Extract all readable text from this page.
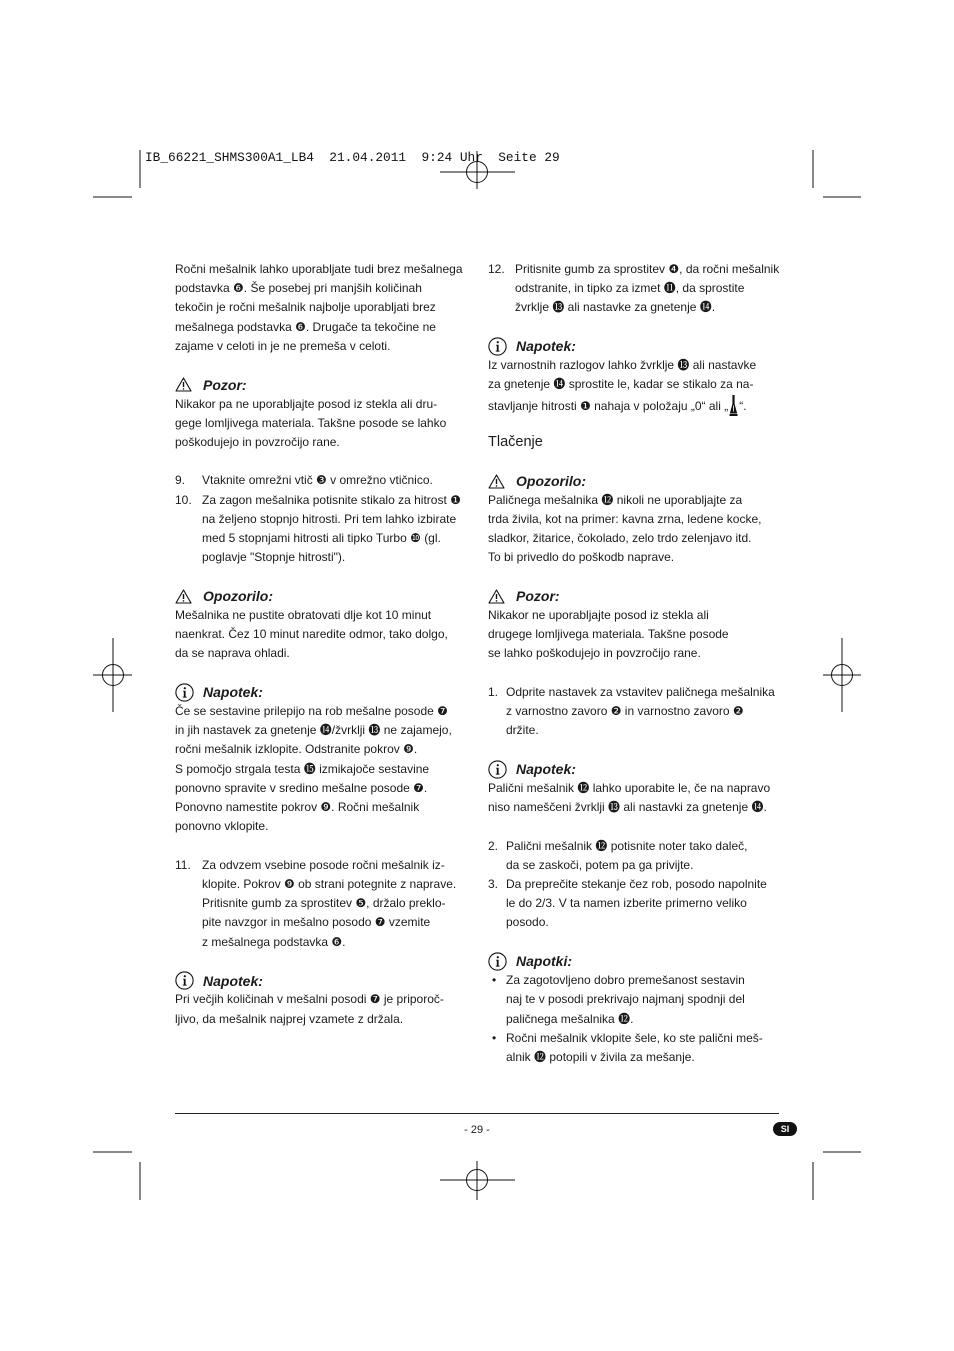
IB_66221_SHMS300A1_LB4  21.04.2011  9:24 Uhr  Seite 29
Ročni mešalnik lahko uporabljate tudi brez mešalnega
podstavka ❻. Še posebej pri manjših količinah
tekočin je ročni mešalnik najbolje uporabljati brez
mešalnega podstavka ❻. Drugače ta tekočine ne
zajame v celoti in je ne premeša v celoti.
Pozor:
Nikakor pa ne uporabljajte posod iz stekla ali dru-
gege lomljivega materiala. Takšne posode se lahko
poškodujejo in povzročijo rane.
9.	Vtaknite omrežni vtič ❸ v omrežno vtičnico.
10. Za zagon mešalnika potisnite stikalo za hitrost ❶
na željeno stopnjo hitrosti. Pri tem lahko izbirate
med 5 stopnjami hitrosti ali tipko Turbo ❿ (gl.
poglavje "Stopnje hitrosti").
Opozorilo:
Mešalnika ne pustite obratovati dlje kot 10 minut
naenkrat. Čez 10 minut naredite odmor, tako dolgo,
da se naprava ohladi.
Napotek:
Če se sestavine prilepijo na rob mešalne posode ❼
in jih nastavek za gnetenje ⓮/žvrklji ⓭ ne zajamejo,
ročni mešalnik izklopite. Odstranite pokrov ❾.
S pomočjo strgala testa ⓯ izmikajoče sestavine
ponovno spravite v sredino mešalne posode ❼.
Ponovno namestite pokrov ❾. Ročni mešalnik
ponovno vklopite.
11. Za odvzem vsebine posode ročni mešalnik iz-
klopite. Pokrov ❾ ob strani potegnite z naprave.
Pritisnite gumb za sprostitev ❺, držalo preklo-
pite navzgor in mešalno posodo ❼ vzemite
z mešalnega podstavka ❻.
Napotek:
Pri večjih količinah v mešalni posodi ❼ je priporoč-
ljivo, da mešalnik najprej vzamete z držala.
12. Pritisnite gumb za sprostitev ❹, da ročni mešalnik
odstranite, in tipko za izmet ⓫, da sprostite
žvrklje ⓭ ali nastavke za gnetenje ⓮.
Napotek:
Iz varnostnih razlogov lahko žvrklje ⓭ ali nastavke
za gnetenje ⓮ sprostite le, kadar se stikalo za na-
stavljanje hitrosti ❶ nahaja v položaju „0“ ali „ “.
Tlačenje
Opozorilo:
Paličnega mešalnika ⓬ nikoli ne uporabljajte za
trda živila, kot na primer: kavna zrna, ledene kocke,
sladkor, žitarice, čokolado, zelo trdo zelenjavo itd.
To bi privedlo do poškodb naprave.
Pozor:
Nikakor ne uporabljajte posod iz stekla ali
drugege lomljivega materiala. Takšne posode
se lahko poškodujejo in povzročijo rane.
1. Odprite nastavek za vstavitev paličnega mešalnika
z varnostno zavoro ❷ in varnostno zavoro ❷
držite.
Napotek:
Palični mešalnik ⓬ lahko uporabite le, če na napravo
niso nameščeni žvrklji ⓭ ali nastavki za gnetenje ⓮.
2. Palični mešalnik ⓬ potisnite noter tako daleč,
da se zaskoči, potem pa ga privijte.
3. Da preprečite stekanje čez rob, posodo napolnite
le do 2/3. V ta namen izberite primerno veliko
posodo.
Napotki:
• Za zagotovljeno dobro premešanost sestavin
naj te v posodi prekrivajo najmanj spodnji del
paličnega mešalnika ⓬.
• Ročni mešalnik vklopite šele, ko ste palični meš-
alnik ⓬ potopili v živila za mešanje.
- 29 -	SI
